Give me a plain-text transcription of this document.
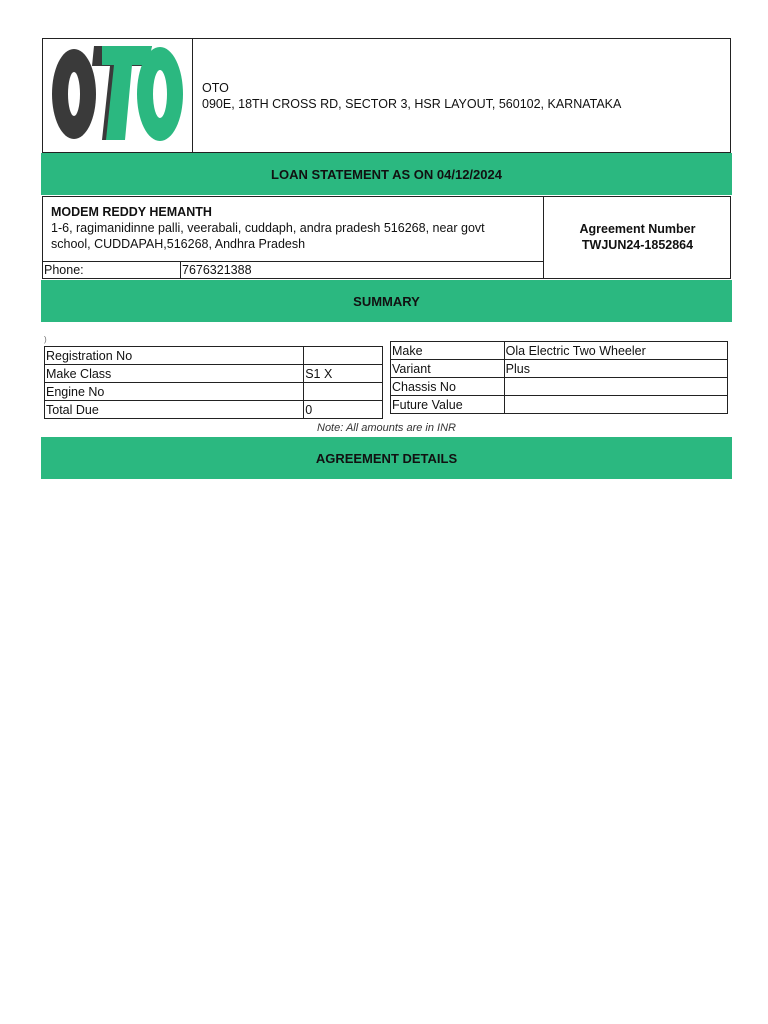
OTO
090E, 18TH CROSS RD, SECTOR 3, HSR LAYOUT, 560102, KARNATAKA
LOAN STATEMENT AS ON 04/12/2024
MODEM REDDY HEMANTH
1-6, ragimanidinne palli, veerabali, cuddaph, andra pradesh 516268, near govt school, CUDDAPAH,516268, Andhra Pradesh
Phone:	7676321388
Agreement Number
TWJUN24-1852864
SUMMARY
)
Registration No	
Make Class	S1 X
Engine No	
Total Due	0
Make	Ola Electric Two Wheeler
Variant	Plus
Chassis No	
Future Value	
Note: All amounts are in INR
AGREEMENT DETAILS
